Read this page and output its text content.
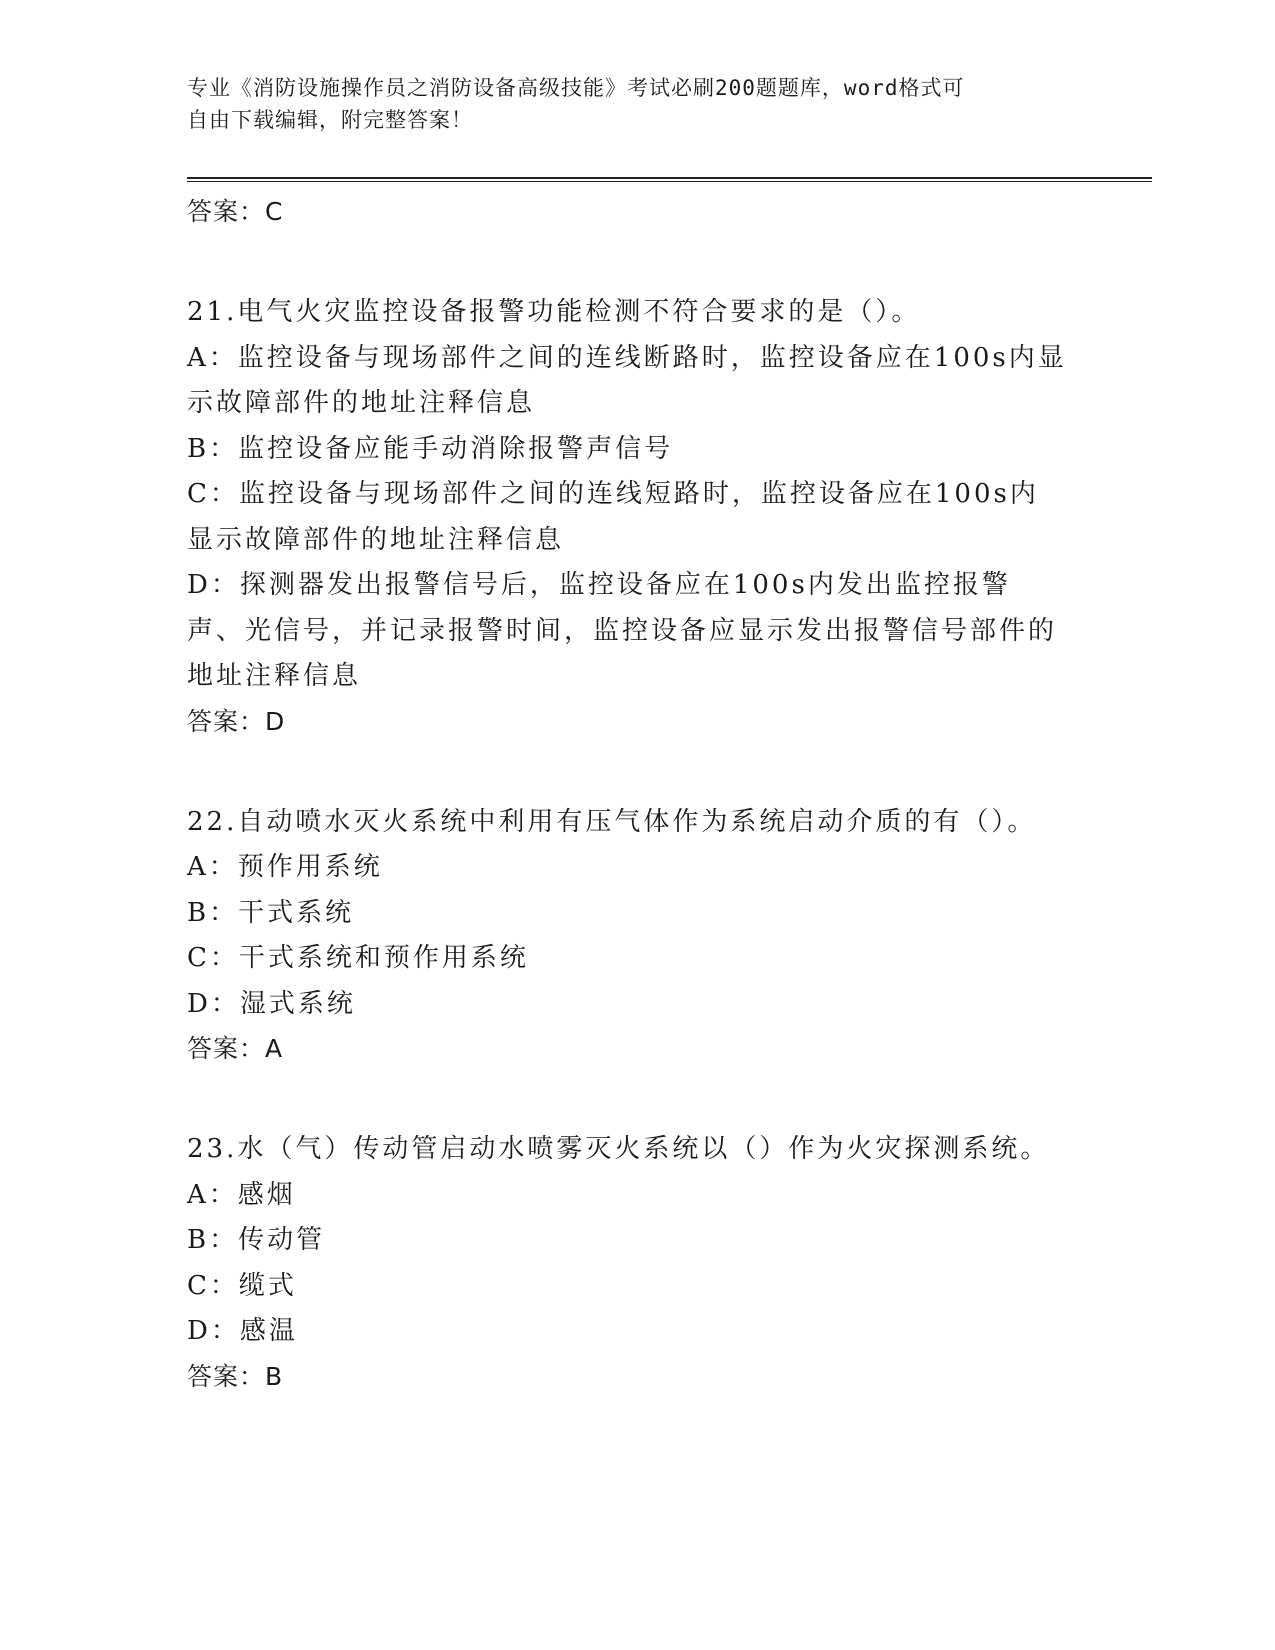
专业《消防设施操作员之消防设备高级技能》考试必刷200题题库，word格式可
自由下载编辑，附完整答案！

答案：C

21.电气火灾监控设备报警功能检测不符合要求的是（）。

A：监控设备与现场部件之间的连线断路时，监控设备应在100s内显示故障部件的地址注释信息

B：监控设备应能手动消除报警声信号

C：监控设备与现场部件之间的连线短路时，监控设备应在100s内显示故障部件的地址注释信息

D：探测器发出报警信号后，监控设备应在100s内发出监控报警声、光信号，并记录报警时间，监控设备应显示发出报警信号部件的地址注释信息

答案：D

22.自动喷水灭火系统中利用有压气体作为系统启动介质的有（）。

A：预作用系统

B：干式系统

C：干式系统和预作用系统

D：湿式系统

答案：A

23.水（气）传动管启动水喷雾灭火系统以（）作为火灾探测系统。

A：感烟

B：传动管

C：缆式

D：感温

答案：B
